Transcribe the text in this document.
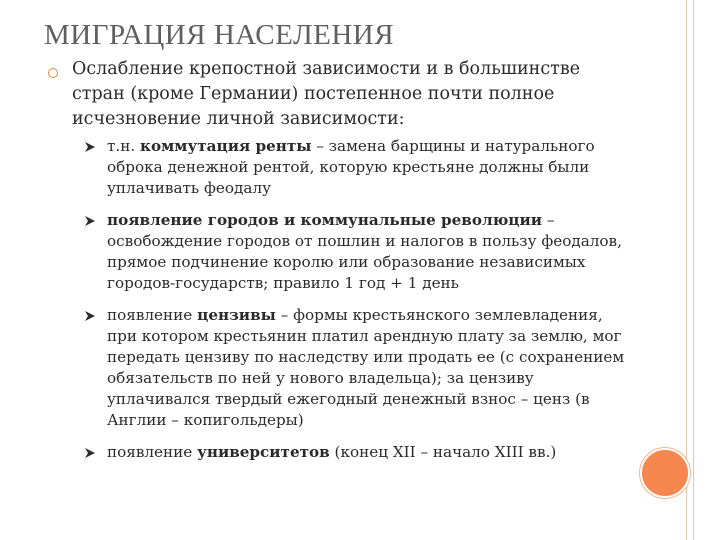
МИГРАЦИЯ НАСЕЛЕНИЯ

Ослабление крепостной зависимости и в большинстве стран (кроме Германии) постепенное почти полное исчезновение личной зависимости:

т.н. коммутация ренты – замена барщины и натурального оброка денежной рентой, которую крестьяне должны были уплачивать феодалу
появление городов и коммунальные революции – освобождение городов от пошлин и налогов в пользу феодалов, прямое подчинение королю или образование независимых городов-государств; правило 1 год + 1 день
появление цензивы – формы крестьянского землевладения, при котором крестьянин платил арендную плату за землю, мог передать цензиву по наследству или продать ее (с сохранением обязательств по ней у нового владельца); за цензиву уплачивался твердый ежегодный денежный взнос – ценз (в Англии – копигольдеры)
появление университетов (конец XII – начало XIII вв.)
